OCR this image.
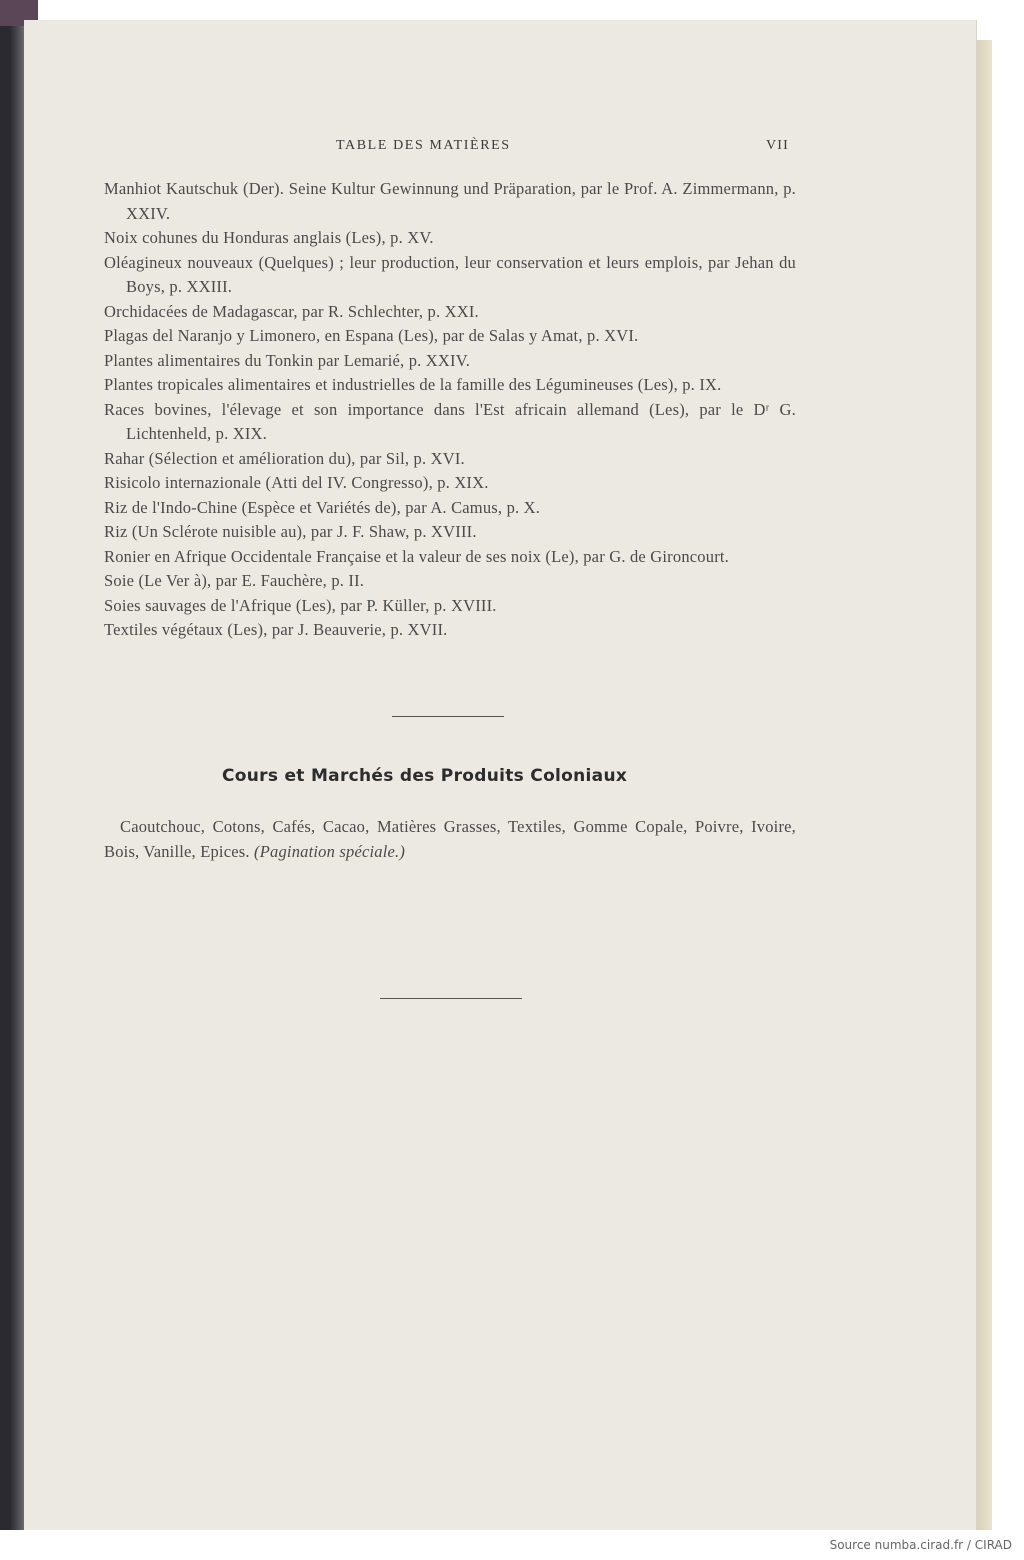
TABLE DES MATIÈRES	VII

Manhiot Kautschuk (Der). Seine Kultur Gewinnung und Präparation, par le Prof. A. Zimmermann, p. XXIV.
Noix cohunes du Honduras anglais (Les), p. XV.
Oléagineux nouveaux (Quelques) ; leur production, leur conservation et leurs emplois, par Jehan du Boys, p. XXIII.
Orchidacées de Madagascar, par R. Schlechter, p. XXI.
Plagas del Naranjo y Limonero, en Espana (Les), par de Salas y Amat, p. XVI.
Plantes alimentaires du Tonkin par Lemarié, p. XXIV.
Plantes tropicales alimentaires et industrielles de la famille des Légumineuses (Les), p. IX.
Races bovines, l'élevage et son importance dans l'Est africain allemand (Les), par le Dʳ G. Lichtenheld, p. XIX.
Rahar (Sélection et amélioration du), par Sil, p. XVI.
Risicolo internazionale (Atti del IV. Congresso), p. XIX.
Riz de l'Indo-Chine (Espèce et Variétés de), par A. Camus, p. X.
Riz (Un Sclérote nuisible au), par J. F. Shaw, p. XVIII.
Ronier en Afrique Occidentale Française et la valeur de ses noix (Le), par G. de Gironcourt.
Soie (Le Ver à), par E. Fauchère, p. II.
Soies sauvages de l'Afrique (Les), par P. Küller, p. XVIII.
Textiles végétaux (Les), par J. Beauverie, p. XVII.
Cours et Marchés des Produits Coloniaux

Caoutchouc, Cotons, Cafés, Cacao, Matières Grasses, Textiles, Gomme Copale, Poivre, Ivoire, Bois, Vanille, Epices. (Pagination spéciale.)

Source numba.cirad.fr / CIRAD
